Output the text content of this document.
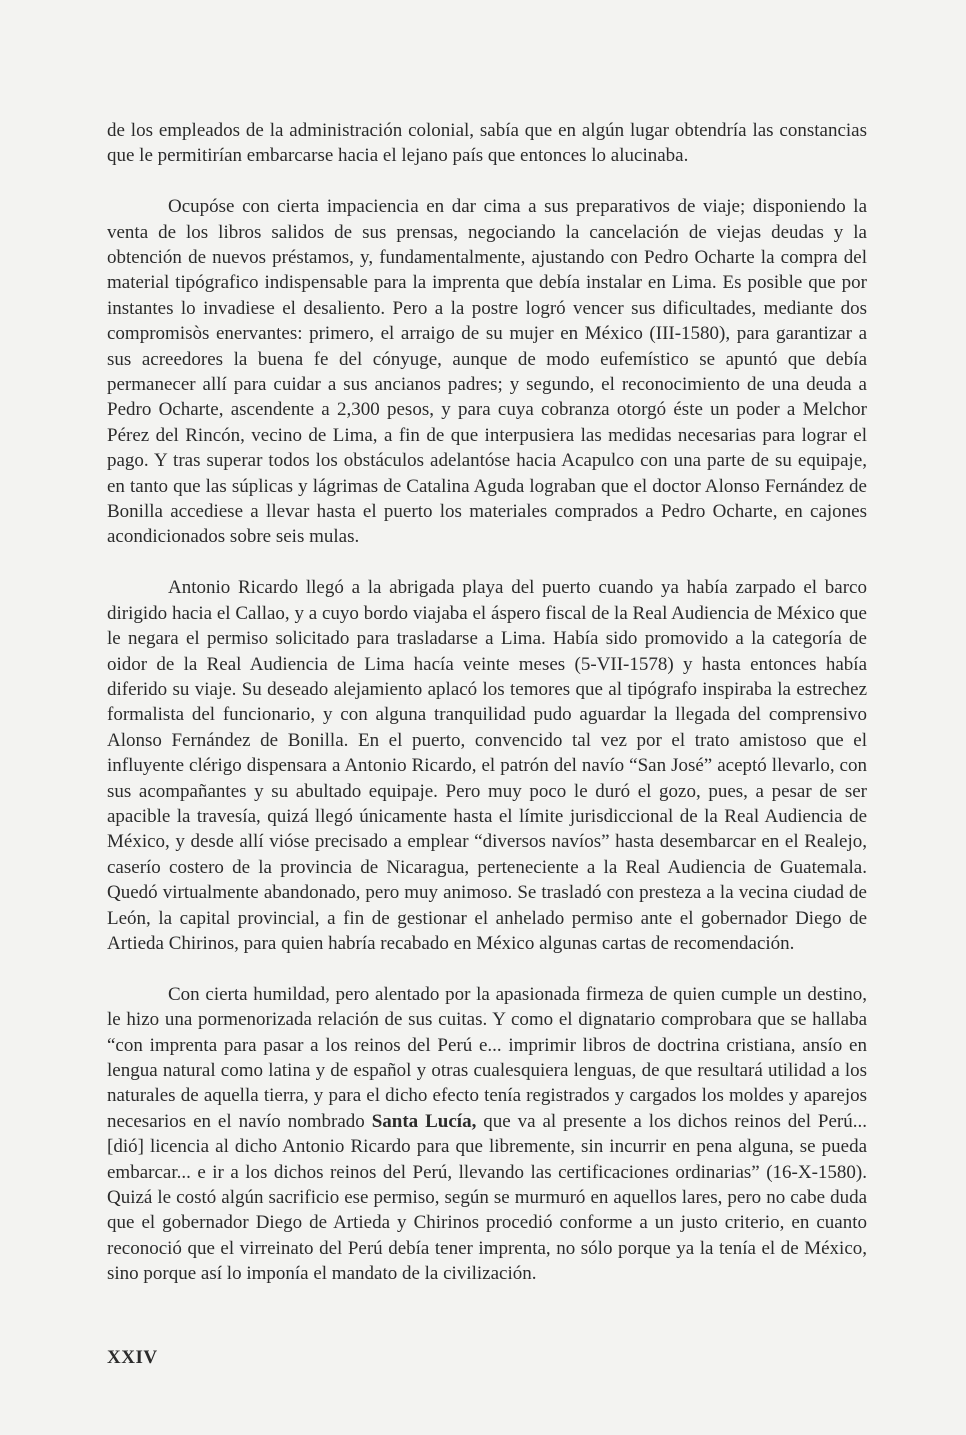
de los empleados de la administración colonial, sabía que en algún lugar obtendría las constancias que le permitirían embarcarse hacia el lejano país que entonces lo alucinaba.

Ocupóse con cierta impaciencia en dar cima a sus preparativos de viaje; disponiendo la venta de los libros salidos de sus prensas, negociando la cancelación de viejas deudas y la obtención de nuevos préstamos, y, fundamentalmente, ajustando con Pedro Ocharte la compra del material tipógrafico indispensable para la imprenta que debía instalar en Lima. Es posible que por instantes lo invadiese el desaliento. Pero a la postre logró vencer sus dificultades, mediante dos compromisòs enervantes: primero, el arraigo de su mujer en México (III-1580), para garantizar a sus acreedores la buena fe del cónyuge, aunque de modo eufemístico se apuntó que debía permanecer allí para cuidar a sus ancianos padres; y segundo, el reconocimiento de una deuda a Pedro Ocharte, ascendente a 2,300 pesos, y para cuya cobranza otorgó éste un poder a Melchor Pérez del Rincón, vecino de Lima, a fin de que interpusiera las medidas necesarias para lograr el pago. Y tras superar todos los obstáculos adelantóse hacia Acapulco con una parte de su equipaje, en tanto que las súplicas y lágrimas de Catalina Aguda lograban que el doctor Alonso Fernández de Bonilla accediese a llevar hasta el puerto los materiales comprados a Pedro Ocharte, en cajones acondicionados sobre seis mulas.

Antonio Ricardo llegó a la abrigada playa del puerto cuando ya había zarpado el barco dirigido hacia el Callao, y a cuyo bordo viajaba el áspero fiscal de la Real Audiencia de México que le negara el permiso solicitado para trasladarse a Lima. Había sido promovido a la categoría de oidor de la Real Audiencia de Lima hacía veinte meses (5-VII-1578) y hasta entonces había diferido su viaje. Su deseado alejamiento aplacó los temores que al tipógrafo inspiraba la estrechez formalista del funcionario, y con alguna tranquilidad pudo aguardar la llegada del comprensivo Alonso Fernández de Bonilla. En el puerto, convencido tal vez por el trato amistoso que el influyente clérigo dispensara a Antonio Ricardo, el patrón del navío “San José” aceptó llevarlo, con sus acompañantes y su abultado equipaje. Pero muy poco le duró el gozo, pues, a pesar de ser apacible la travesía, quizá llegó únicamente hasta el límite jurisdiccional de la Real Audiencia de México, y desde allí vióse precisado a emplear “diversos navíos” hasta desembarcar en el Realejo, caserío costero de la provincia de Nicaragua, perteneciente a la Real Audiencia de Guatemala. Quedó virtualmente abandonado, pero muy animoso. Se trasladó con presteza a la vecina ciudad de León, la capital provincial, a fin de gestionar el anhelado permiso ante el gobernador Diego de Artieda Chirinos, para quien habría recabado en México algunas cartas de recomendación.

Con cierta humildad, pero alentado por la apasionada firmeza de quien cumple un destino, le hizo una pormenorizada relación de sus cuitas. Y como el dignatario comprobara que se hallaba “con imprenta para pasar a los reinos del Perú e... imprimir libros de doctrina cristiana, ansío en lengua natural como latina y de español y otras cualesquiera lenguas, de que resultará utilidad a los naturales de aquella tierra, y para el dicho efecto tenía registrados y cargados los moldes y aparejos necesarios en el navío nombrado Santa Lucía, que va al presente a los dichos reinos del Perú... [dió] licencia al dicho Antonio Ricardo para que libremente, sin incurrir en pena alguna, se pueda embarcar... e ir a los dichos reinos del Perú, llevando las certificaciones ordinarias” (16-X-1580). Quizá le costó algún sacrificio ese permiso, según se murmuró en aquellos lares, pero no cabe duda que el gobernador Diego de Artieda y Chirinos procedió conforme a un justo criterio, en cuanto reconoció que el virreinato del Perú debía tener imprenta, no sólo porque ya la tenía el de México, sino porque así lo imponía el mandato de la civilización.

XXIV
